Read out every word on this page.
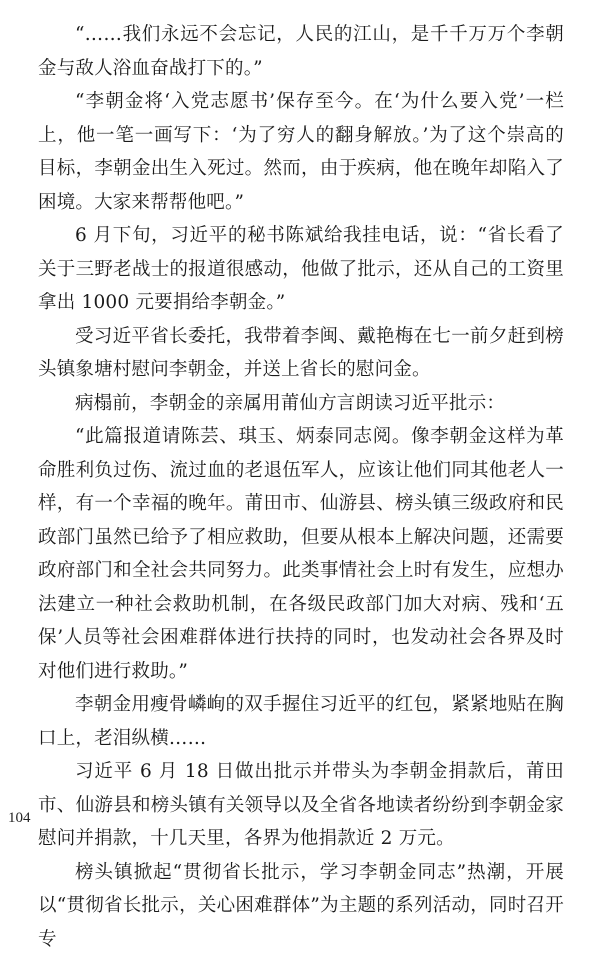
“……我们永远不会忘记，人民的江山，是千千万万个李朝金与敌人浴血奋战打下的。”

“李朝金将‘入党志愿书’保存至今。在‘为什么要入党’一栏上，他一笔一画写下：‘为了穷人的翻身解放。’为了这个崇高的目标，李朝金出生入死过。然而，由于疾病，他在晚年却陷入了困境。大家来帮帮他吧。”

6 月下旬，习近平的秘书陈斌给我挂电话，说：“省长看了关于三野老战士的报道很感动，他做了批示，还从自己的工资里拿出 1000 元要捐给李朝金。”

受习近平省长委托，我带着李闽、戴艳梅在七一前夕赶到榜头镇象塘村慰问李朝金，并送上省长的慰问金。

病榻前，李朝金的亲属用莆仙方言朗读习近平批示：

“此篇报道请陈芸、琪玉、炳泰同志阅。像李朝金这样为革命胜利负过伤、流过血的老退伍军人，应该让他们同其他老人一样，有一个幸福的晚年。莆田市、仙游县、榜头镇三级政府和民政部门虽然已给予了相应救助，但要从根本上解决问题，还需要政府部门和全社会共同努力。此类事情社会上时有发生，应想办法建立一种社会救助机制，在各级民政部门加大对病、残和‘五保’人员等社会困难群体进行扶持的同时，也发动社会各界及时对他们进行救助。”

李朝金用瘦骨嶙峋的双手握住习近平的红包，紧紧地贴在胸口上，老泪纵横……

习近平 6 月 18 日做出批示并带头为李朝金捐款后，莆田市、仙游县和榜头镇有关领导以及全省各地读者纷纷到李朝金家慰问并捐款，十几天里，各界为他捐款近 2 万元。

榜头镇掀起“贯彻省长批示，学习李朝金同志”热潮，开展以“贯彻省长批示，关心困难群体”为主题的系列活动，同时召开专

104
